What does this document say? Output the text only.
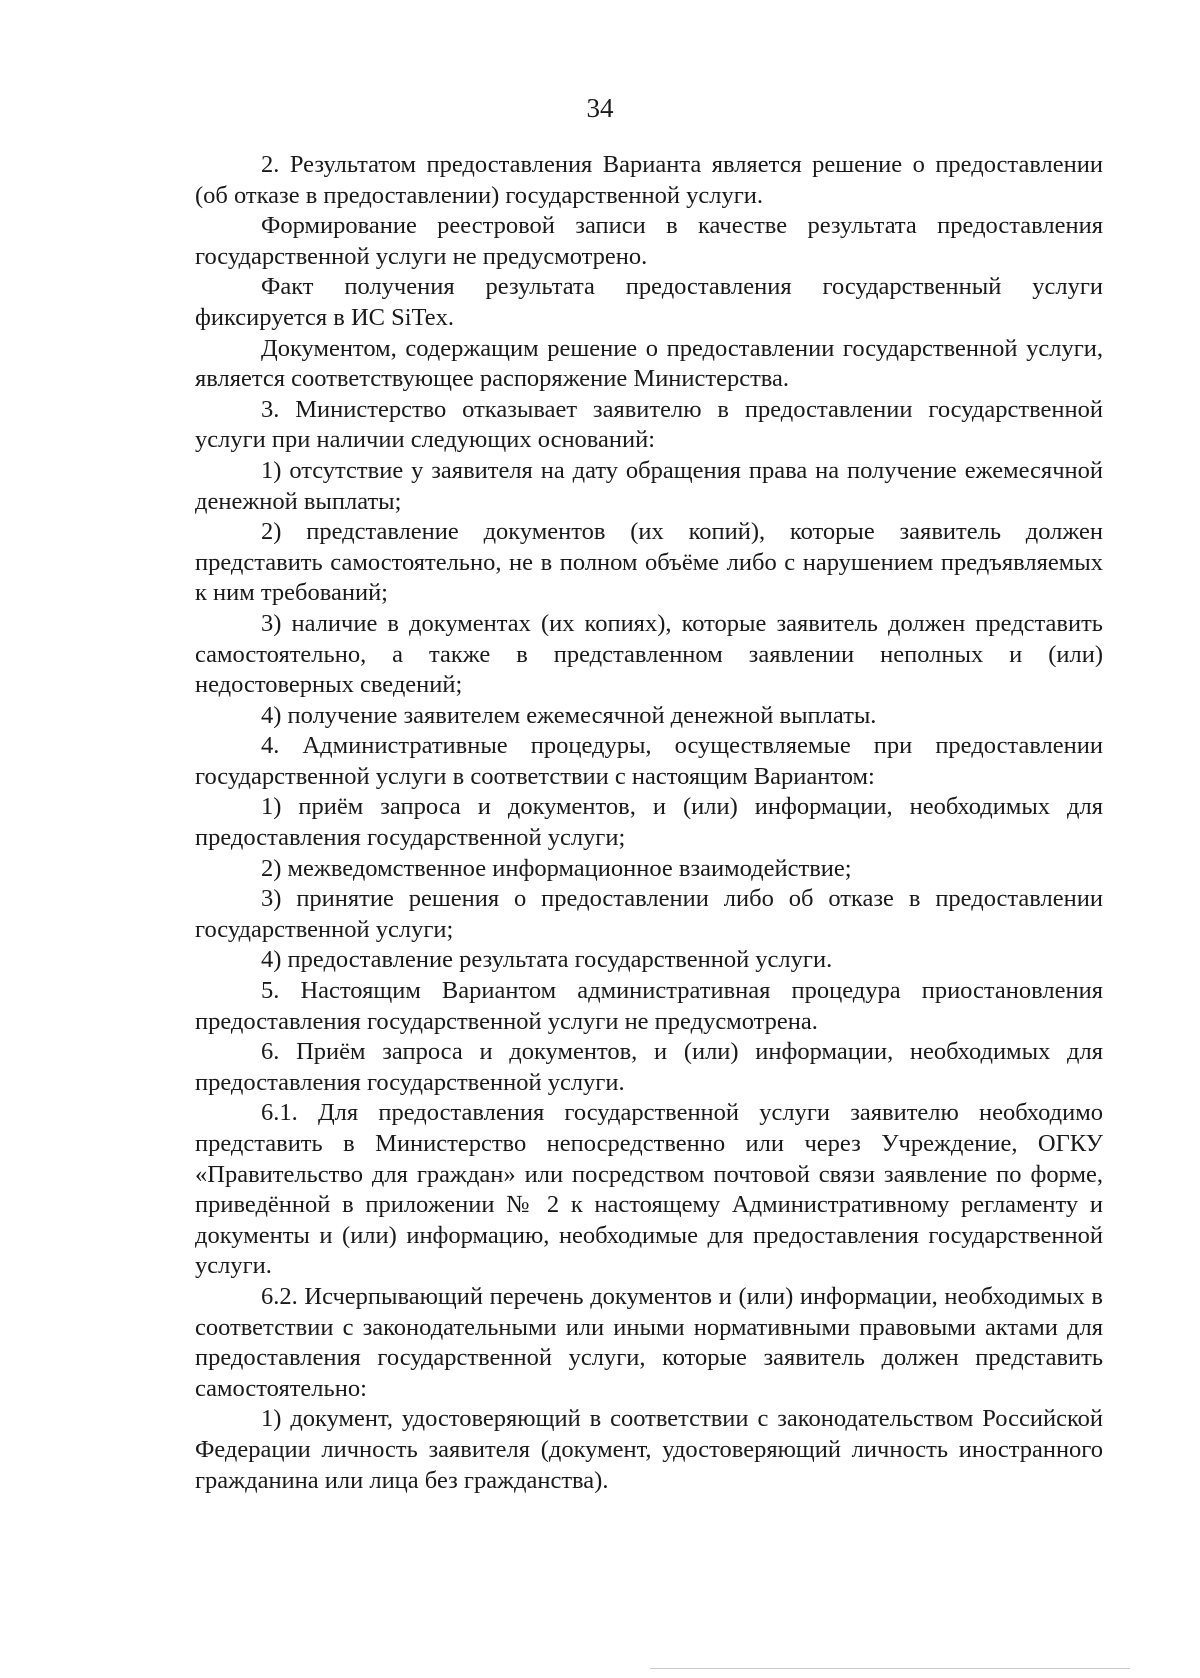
34

2. Результатом предоставления Варианта является решение о предоставлении (об отказе в предоставлении) государственной услуги.

Формирование реестровой записи в качестве результата предоставления государственной услуги не предусмотрено.

Факт получения результата предоставления государственный услуги фиксируется в ИС SiTex.

Документом, содержащим решение о предоставлении государственной услуги, является соответствующее распоряжение Министерства.

3. Министерство отказывает заявителю в предоставлении государственной услуги при наличии следующих оснований:

1) отсутствие у заявителя на дату обращения права на получение ежемесячной денежной выплаты;

2) представление документов (их копий), которые заявитель должен представить самостоятельно, не в полном объёме либо с нарушением предъявляемых к ним требований;

3) наличие в документах (их копиях), которые заявитель должен представить самостоятельно, а также в представленном заявлении неполных и (или) недостоверных сведений;

4) получение заявителем ежемесячной денежной выплаты.

4. Административные процедуры, осуществляемые при предоставлении государственной услуги в соответствии с настоящим Вариантом:

1) приём запроса и документов, и (или) информации, необходимых для предоставления государственной услуги;

2) межведомственное информационное взаимодействие;

3) принятие решения о предоставлении либо об отказе в предоставлении государственной услуги;

4) предоставление результата государственной услуги.

5. Настоящим Вариантом административная процедура приостановления предоставления государственной услуги не предусмотрена.

6. Приём запроса и документов, и (или) информации, необходимых для предоставления государственной услуги.

6.1. Для предоставления государственной услуги заявителю необходимо представить в Министерство непосредственно или через Учреждение, ОГКУ «Правительство для граждан» или посредством почтовой связи заявление по форме, приведённой в приложении № 2 к настоящему Административному регламенту и документы и (или) информацию, необходимые для предоставления государственной услуги.

6.2. Исчерпывающий перечень документов и (или) информации, необходимых в соответствии с законодательными или иными нормативными правовыми актами для предоставления государственной услуги, которые заявитель должен представить самостоятельно:

1) документ, удостоверяющий в соответствии с законодательством Российской Федерации личность заявителя (документ, удостоверяющий личность иностранного гражданина или лица без гражданства).
